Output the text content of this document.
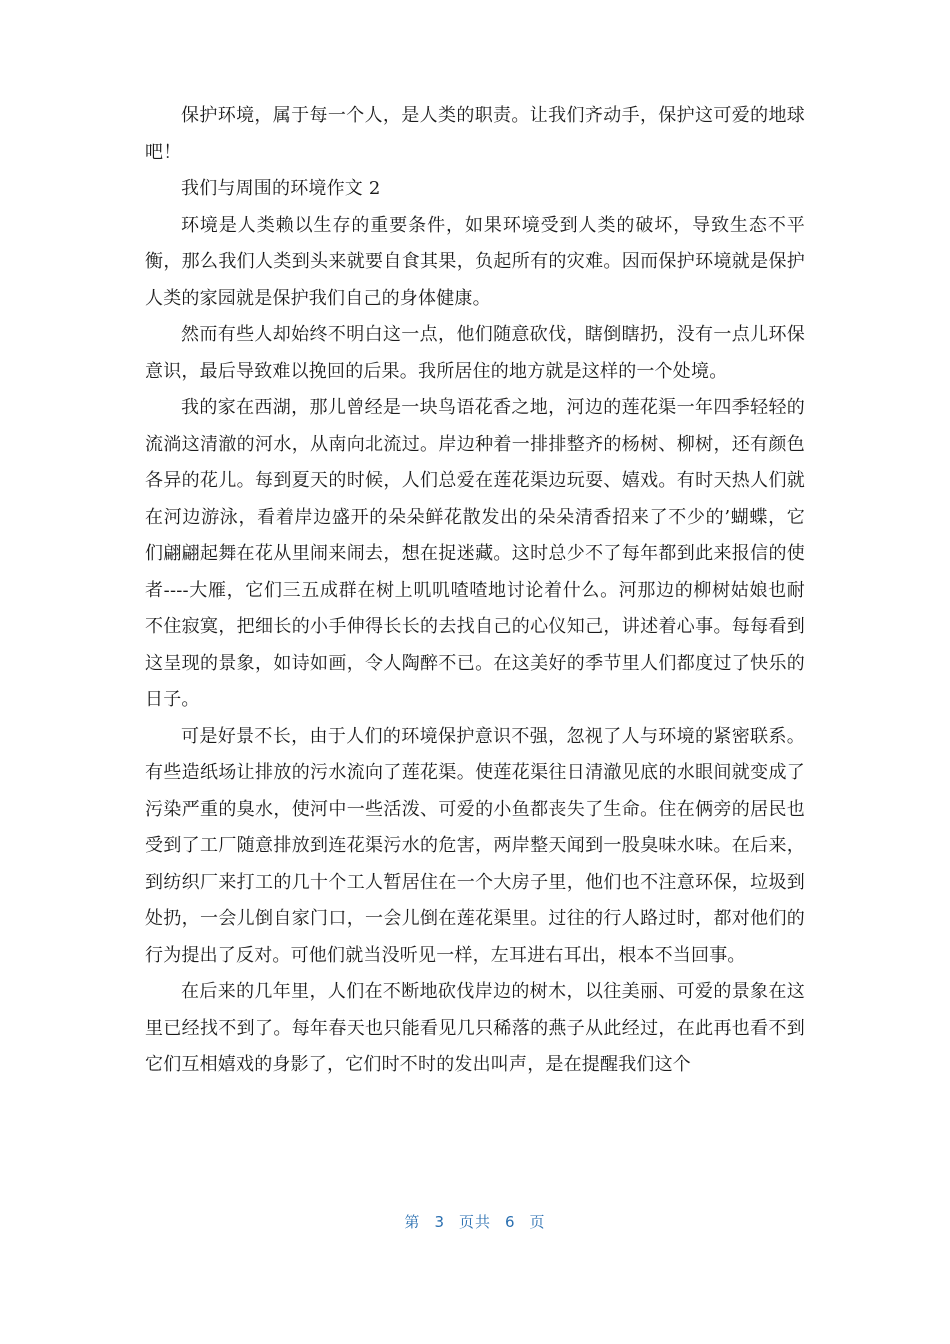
保护环境，属于每一个人，是人类的职责。让我们齐动手，保护这可爱的地球吧！

我们与周围的环境作文 2

环境是人类赖以生存的重要条件，如果环境受到人类的破坏，导致生态不平衡，那么我们人类到头来就要自食其果，负起所有的灾难。因而保护环境就是保护人类的家园就是保护我们自己的身体健康。

然而有些人却始终不明白这一点，他们随意砍伐，瞎倒瞎扔，没有一点儿环保意识，最后导致难以挽回的后果。我所居住的地方就是这样的一个处境。

我的家在西湖，那儿曾经是一块鸟语花香之地，河边的莲花渠一年四季轻轻的流淌这清澈的河水，从南向北流过。岸边种着一排排整齐的杨树、柳树，还有颜色各异的花儿。每到夏天的时候，人们总爱在莲花渠边玩耍、嬉戏。有时天热人们就在河边游泳，看着岸边盛开的朵朵鲜花散发出的朵朵清香招来了不少的’蝴蝶，它们翩翩起舞在花从里闹来闹去，想在捉迷藏。这时总少不了每年都到此来报信的使者----大雁，它们三五成群在树上叽叽喳喳地讨论着什么。河那边的柳树姑娘也耐不住寂寞，把细长的小手伸得长长的去找自己的心仪知己，讲述着心事。每每看到这呈现的景象，如诗如画，令人陶醉不已。在这美好的季节里人们都度过了快乐的日子。

可是好景不长，由于人们的环境保护意识不强，忽视了人与环境的紧密联系。有些造纸场让排放的污水流向了莲花渠。使莲花渠往日清澈见底的水眼间就变成了污染严重的臭水，使河中一些活泼、可爱的小鱼都丧失了生命。住在俩旁的居民也受到了工厂随意排放到连花渠污水的危害，两岸整天闻到一股臭味水味。在后来，到纺织厂来打工的几十个工人暂居住在一个大房子里，他们也不注意环保，垃圾到处扔，一会儿倒自家门口，一会儿倒在莲花渠里。过往的行人路过时，都对他们的行为提出了反对。可他们就当没听见一样，左耳进右耳出，根本不当回事。

在后来的几年里，人们在不断地砍伐岸边的树木，以往美丽、可爱的景象在这里已经找不到了。每年春天也只能看见几只稀落的燕子从此经过，在此再也看不到它们互相嬉戏的身影了，它们时不时的发出叫声，是在提醒我们这个

第 3 页共 6 页
